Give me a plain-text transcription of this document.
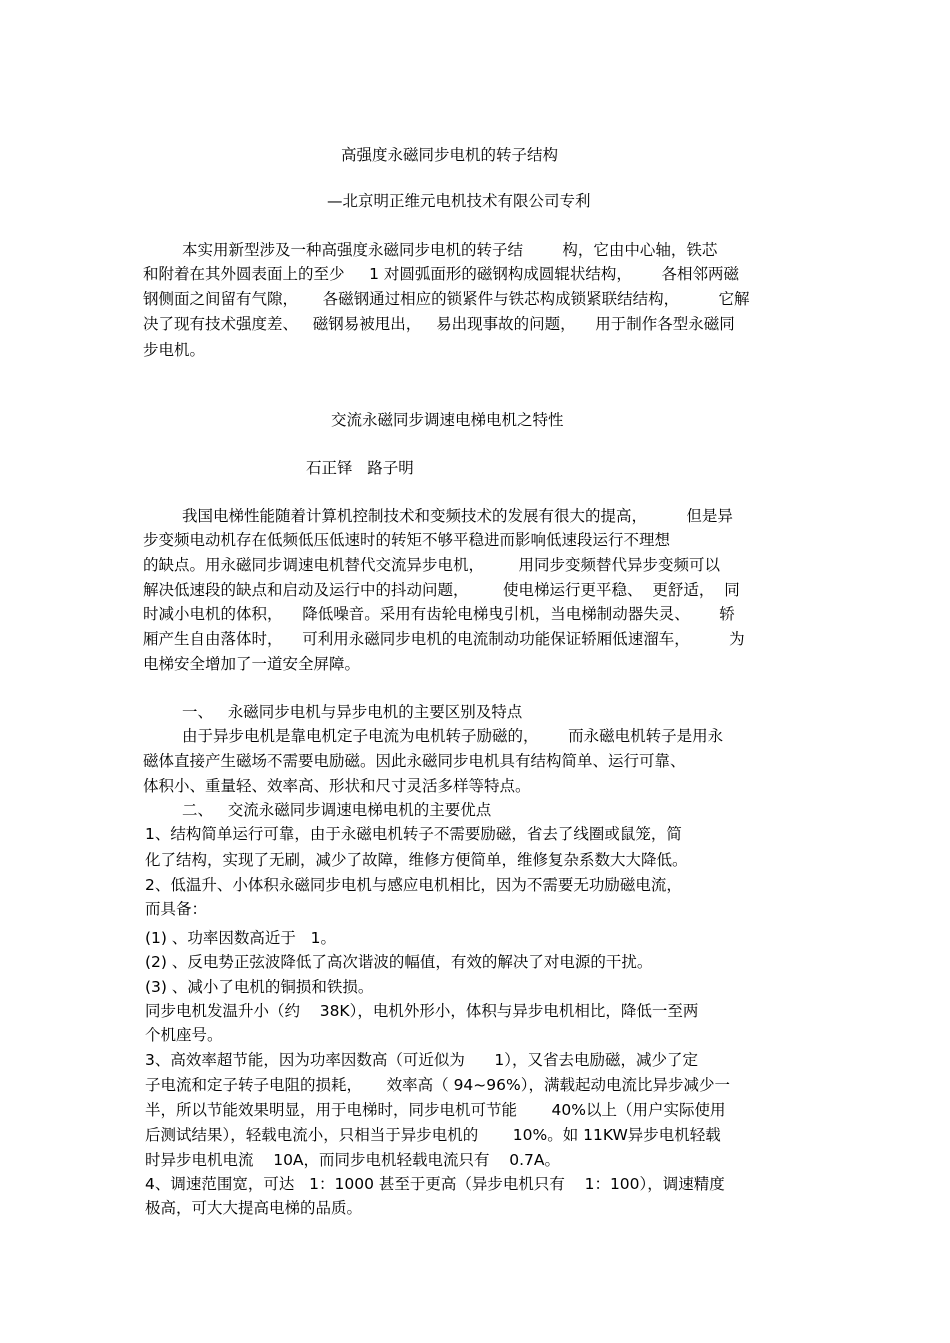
高强度永磁同步电机的转子结构
—北京明正维元电机技术有限公司专利
本实用新型涉及一种高强度永磁同步电机的转子结        构，它由中心轴，铁芯
和附着在其外圆表面上的至少     1 对圆弧面形的磁钢构成圆辊状结构，      各相邻两磁
钢侧面之间留有气隙，     各磁钢通过相应的锁紧件与铁芯构成锁紧联结结构，        它解
决了现有技术强度差、   磁钢易被甩出，   易出现事故的问题，    用于制作各型永磁同
步电机。
交流永磁同步调速电梯电机之特性
石正铎   路子明
我国电梯性能随着计算机控制技术和变频技术的发展有很大的提高，        但是异
步变频电动机存在低频低压低速时的转矩不够平稳进而影响低速段运行不理想
的缺点。用永磁同步调速电机替代交流异步电机，       用同步变频替代异步变频可以
解决低速段的缺点和启动及运行中的抖动问题，       使电梯运行更平稳、  更舒适，  同
时减小电机的体积，    降低噪音。采用有齿轮电梯曳引机，当电梯制动器失灵、      轿
厢产生自由落体时，    可利用永磁同步电机的电流制动功能保证轿厢低速溜车，        为
电梯安全增加了一道安全屏障。
一、   永磁同步电机与异步电机的主要区别及特点
由于异步电机是靠电机定子电流为电机转子励磁的，      而永磁电机转子是用永
磁体直接产生磁场不需要电励磁。因此永磁同步电机具有结构简单、运行可靠、
体积小、重量轻、效率高、形状和尺寸灵活多样等特点。
二、   交流永磁同步调速电梯电机的主要优点
1、结构简单运行可靠，由于永磁电机转子不需要励磁，省去了线圈或鼠笼，简
化了结构，实现了无刷，减少了故障，维修方便简单，维修复杂系数大大降低。
2、低温升、小体积永磁同步电机与感应电机相比，因为不需要无功励磁电流，
而具备：
(1) 、功率因数高近于   1。
(2) 、反电势正弦波降低了高次谐波的幅值，有效的解决了对电源的干扰。
(3) 、减小了电机的铜损和铁损。
同步电机发温升小（约    38K），电机外形小，体积与异步电机相比，降低一至两
个机座号。
3、高效率超节能，因为功率因数高（可近似为      1），又省去电励磁，减少了定
子电流和定子转子电阻的损耗，     效率高（ 94~96%），满载起动电流比异步减少一
半，所以节能效果明显，用于电梯时，同步电机可节能       40%以上（用户实际使用
后测试结果），轻载电流小，只相当于异步电机的       10%。如 11KW异步电机轻载
时异步电机电流    10A，而同步电机轻载电流只有    0.7A。
4、调速范围宽，可达   1：1000 甚至于更高（异步电机只有    1：100），调速精度
极高，可大大提高电梯的品质。
